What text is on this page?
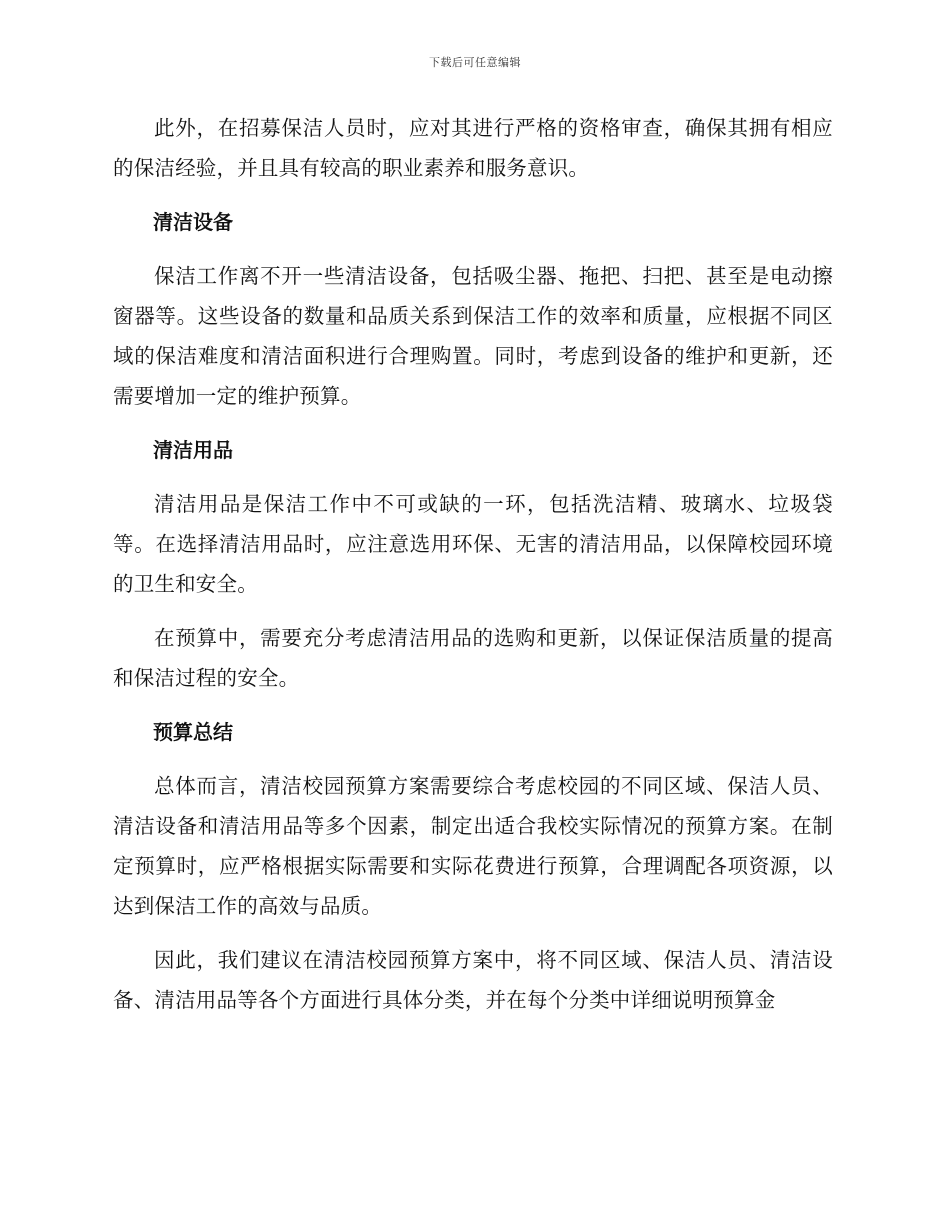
下载后可任意编辑

此外，在招募保洁人员时，应对其进行严格的资格审查，确保其拥有相应的保洁经验，并且具有较高的职业素养和服务意识。

清洁设备

保洁工作离不开一些清洁设备，包括吸尘器、拖把、扫把、甚至是电动擦窗器等。这些设备的数量和品质关系到保洁工作的效率和质量，应根据不同区域的保洁难度和清洁面积进行合理购置。同时，考虑到设备的维护和更新，还需要增加一定的维护预算。

清洁用品

清洁用品是保洁工作中不可或缺的一环，包括洗洁精、玻璃水、垃圾袋等。在选择清洁用品时，应注意选用环保、无害的清洁用品，以保障校园环境的卫生和安全。

在预算中，需要充分考虑清洁用品的选购和更新，以保证保洁质量的提高和保洁过程的安全。

预算总结

总体而言，清洁校园预算方案需要综合考虑校园的不同区域、保洁人员、清洁设备和清洁用品等多个因素，制定出适合我校实际情况的预算方案。在制定预算时，应严格根据实际需要和实际花费进行预算，合理调配各项资源，以达到保洁工作的高效与品质。

因此，我们建议在清洁校园预算方案中，将不同区域、保洁人员、清洁设备、清洁用品等各个方面进行具体分类，并在每个分类中详细说明预算金
